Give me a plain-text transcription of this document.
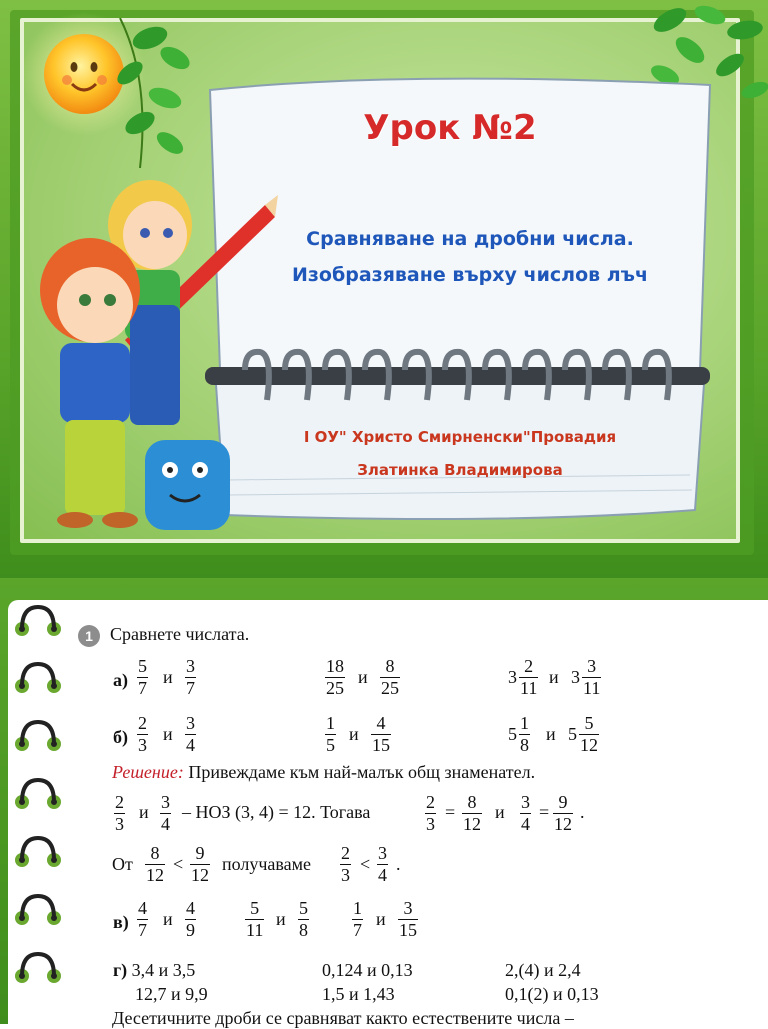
Урок №2
Сравняване на дробни числа.
Изобразяване върху числов лъч
I ОУ" Христо Смирненски"Провадия
Златинка Владимирова
1 Сравнете числата.
а)
5
7
и
3
7
18
25
и
8
25
3
2
11
и 3
3
11
б)
2
3
и
3
4
1
5
и
4
15
5
1
8
и 5
5
12
2
3
и 3
4
– НОЗ (3, 4) = 12. Тогава	2
3
= 8
12
и 3
4
= 9
12
.
От
8
12
<
9
12
получаваме
2
3
<
3
4
.
в)
4
7
и
4
9
5
11
и
5
8
1
7
и
3
15
Решение: Привеждаме към най-малък общ знаменател.
г) 3,4 и 3,5
12,7 и 9,9
0,124 и 0,13
1,5 и 1,43
2,(4) и 2,4
0,1(2) и 0,13
Десетичните дроби се сравняват както естествените числа –
